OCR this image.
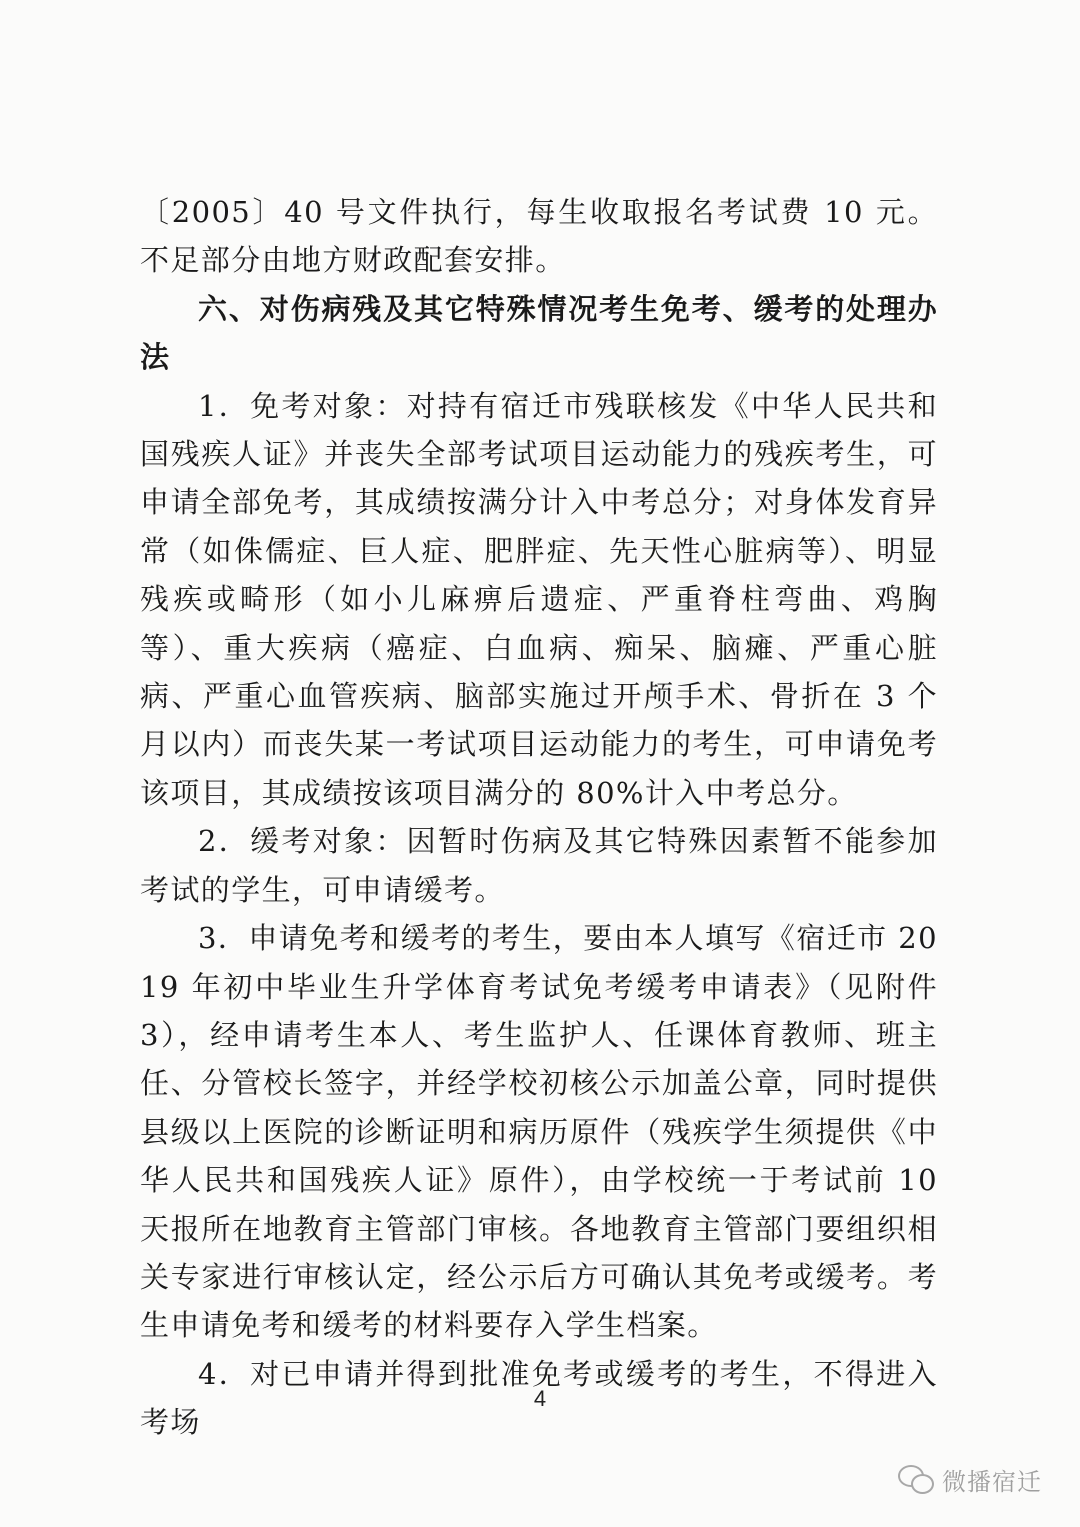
〔2005〕40 号文件执行，每生收取报名考试费 10 元。不足部分由地方财政配套安排。

六、对伤病残及其它特殊情况考生免考、缓考的处理办法

1．免考对象：对持有宿迁市残联核发《中华人民共和国残疾人证》并丧失全部考试项目运动能力的残疾考生，可申请全部免考，其成绩按满分计入中考总分；对身体发育异常（如侏儒症、巨人症、肥胖症、先天性心脏病等）、明显残疾或畸形（如小儿麻痹后遗症、严重脊柱弯曲、鸡胸等）、重大疾病（癌症、白血病、痴呆、脑瘫、严重心脏病、严重心血管疾病、脑部实施过开颅手术、骨折在 3 个月以内）而丧失某一考试项目运动能力的考生，可申请免考该项目，其成绩按该项目满分的 80%计入中考总分。

2．缓考对象：因暂时伤病及其它特殊因素暂不能参加考试的学生，可申请缓考。

3．申请免考和缓考的考生，要由本人填写《宿迁市 2019 年初中毕业生升学体育考试免考缓考申请表》（见附件 3），经申请考生本人、考生监护人、任课体育教师、班主任、分管校长签字，并经学校初核公示加盖公章，同时提供县级以上医院的诊断证明和病历原件（残疾学生须提供《中华人民共和国残疾人证》原件），由学校统一于考试前 10 天报所在地教育主管部门审核。各地教育主管部门要组织相关专家进行审核认定，经公示后方可确认其免考或缓考。考生申请免考和缓考的材料要存入学生档案。

4．对已申请并得到批准免考或缓考的考生，不得进入考场

4
微播宿迁
